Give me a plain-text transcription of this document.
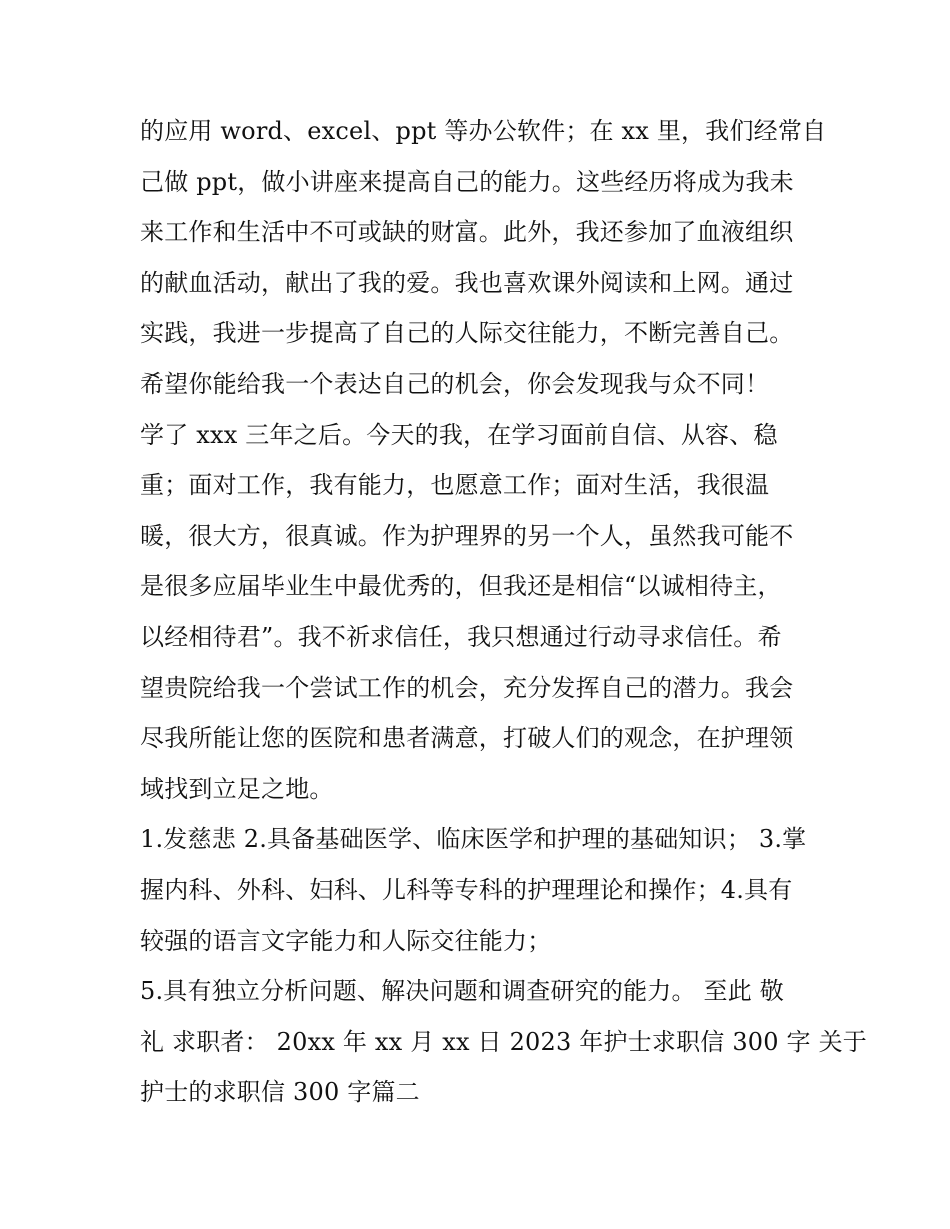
的应用 word、excel、ppt 等办公软件；在 xx 里，我们经常自
己做 ppt，做小讲座来提高自己的能力。这些经历将成为我未
来工作和生活中不可或缺的财富。此外，我还参加了血液组织
的献血活动，献出了我的爱。我也喜欢课外阅读和上网。通过
实践，我进一步提高了自己的人际交往能力，不断完善自己。
希望你能给我一个表达自己的机会，你会发现我与众不同！
学了 xxx 三年之后。今天的我，在学习面前自信、从容、稳
重；面对工作，我有能力，也愿意工作；面对生活，我很温
暖，很大方，很真诚。作为护理界的另一个人，虽然我可能不
是很多应届毕业生中最优秀的，但我还是相信“以诚相待主，
以经相待君”。我不祈求信任，我只想通过行动寻求信任。希
望贵院给我一个尝试工作的机会，充分发挥自己的潜力。我会
尽我所能让您的医院和患者满意，打破人们的观念，在护理领
域找到立足之地。
1.发慈悲 2.具备基础医学、临床医学和护理的基础知识； 3.掌
握内科、外科、妇科、儿科等专科的护理理论和操作；4.具有
较强的语言文字能力和人际交往能力；
5.具有独立分析问题、解决问题和调查研究的能力。 至此 敬
礼 求职者： 20xx 年 xx 月 xx 日 2023 年护士求职信 300 字 关于
护士的求职信 300 字篇二
